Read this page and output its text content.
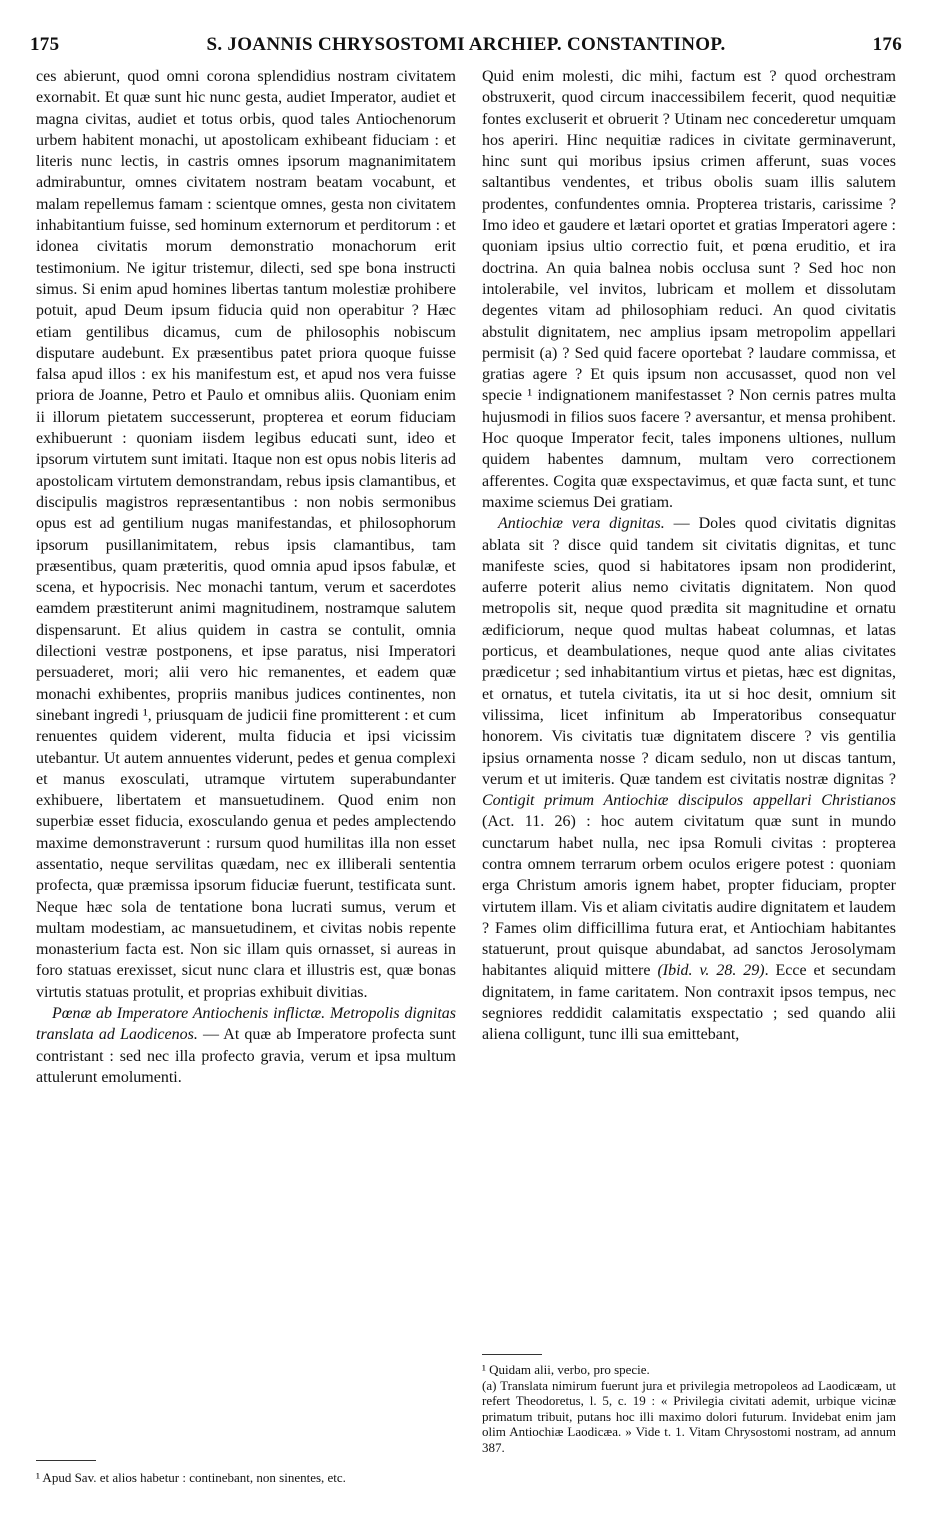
175	S. JOANNIS CHRYSOSTOMI ARCHIEP. CONSTANTINOP.	176

ces abierunt, quod omni corona splendidius nostram civitatem exornabit. Et quæ sunt hic nunc gesta, audiet Imperator, audiet et magna civitas, audiet et totus orbis, quod tales Antiochenorum urbem habitent monachi, ut apostolicam exhibeant fiduciam : et literis nunc lectis, in castris omnes ipsorum magnanimitatem admirabuntur, omnes civitatem nostram beatam vocabunt, et malam repellemus famam : scientque omnes, gesta non civitatem inhabitantium fuisse, sed hominum externorum et perditorum : et idonea civitatis morum demonstratio monachorum erit testimonium. Ne igitur tristemur, dilecti, sed spe bona instructi simus. Si enim apud homines libertas tantum molestiæ prohibere potuit, apud Deum ipsum fiducia quid non operabitur ? Hæc etiam gentilibus dicamus, cum de philosophis nobiscum disputare audebunt. Ex præsentibus patet priora quoque fuisse falsa apud illos : ex his manifestum est, et apud nos vera fuisse priora de Joanne, Petro et Paulo et omnibus aliis. Quoniam enim ii illorum pietatem successerunt, propterea et eorum fiduciam exhibuerunt : quoniam iisdem legibus educati sunt, ideo et ipsorum virtutem sunt imitati. Itaque non est opus nobis literis ad apostolicam virtutem demonstrandam, rebus ipsis clamantibus, et discipulis magistros repræsentantibus : non nobis sermonibus opus est ad gentilium nugas manifestandas, et philosophorum ipsorum pusillanimitatem, rebus ipsis clamantibus, tam præsentibus, quam præteritis, quod omnia apud ipsos fabulæ, et scena, et hypocrisis. Nec monachi tantum, verum et sacerdotes eamdem præstiterunt animi magnitudinem, nostramque salutem dispensarunt. Et alius quidem in castra se contulit, omnia dilectioni vestræ postponens, et ipse paratus, nisi Imperatori persuaderet, mori; alii vero hic remanentes, et eadem quæ monachi exhibentes, propriis manibus judices continentes, non sinebant ingredi ¹, priusquam de judicii fine promitterent : et cum renuentes quidem viderent, multa fiducia et ipsi vicissim utebantur. Ut autem annuentes viderunt, pedes et genua complexi et manus exosculati, utramque virtutem superabundanter exhibuere, libertatem et mansuetudinem. Quod enim non superbiæ esset fiducia, exosculando genua et pedes amplectendo maxime demonstraverunt : rursum quod humilitas illa non esset assentatio, neque servilitas quædam, nec ex illiberali sententia profecta, quæ præmissa ipsorum fiduciæ fuerunt, testificata sunt. Neque hæc sola de tentatione bona lucrati sumus, verum et multam modestiam, ac mansuetudinem, et civitas nobis repente monasterium facta est. Non sic illam quis ornasset, si aureas in foro statuas erexisset, sicut nunc clara et illustris est, quæ bonas virtutis statuas protulit, et proprias exhibuit divitias.

Pœnæ ab Imperatore Antiochenis inflictæ. Metropolis dignitas translata ad Laodicenos. — At quæ ab Imperatore profecta sunt contristant : sed nec illa profecto gravia, verum et ipsa multum attulerunt emolumenti.

Quid enim molesti, dic mihi, factum est ? quod orchestram obstruxerit, quod circum inaccessibilem fecerit, quod nequitiæ fontes excluserit et obruerit ? Utinam nec concederetur umquam hos aperiri. Hinc nequitiæ radices in civitate germinaverunt, hinc sunt qui moribus ipsius crimen afferunt, suas voces saltantibus vendentes, et tribus obolis suam illis salutem prodentes, confundentes omnia. Propterea tristaris, carissime ? Imo ideo et gaudere et lætari oportet et gratias Imperatori agere : quoniam ipsius ultio correctio fuit, et pœna eruditio, et ira doctrina. An quia balnea nobis occlusa sunt ? Sed hoc non intolerabile, vel invitos, lubricam et mollem et dissolutam degentes vitam ad philosophiam reduci. An quod civitatis abstulit dignitatem, nec amplius ipsam metropolim appellari permisit (a) ? Sed quid facere oportebat ? laudare commissa, et gratias agere ? Et quis ipsum non accusasset, quod non vel specie ¹ indignationem manifestasset ? Non cernis patres multa hujusmodi in filios suos facere ? aversantur, et mensa prohibent. Hoc quoque Imperator fecit, tales imponens ultiones, nullum quidem habentes damnum, multam vero correctionem afferentes. Cogita quæ exspectavimus, et quæ facta sunt, et tunc maxime sciemus Dei gratiam.

Antiochiæ vera dignitas. — Doles quod civitatis dignitas ablata sit ? disce quid tandem sit civitatis dignitas, et tunc manifeste scies, quod si habitatores ipsam non prodiderint, auferre poterit alius nemo civitatis dignitatem. Non quod metropolis sit, neque quod prædita sit magnitudine et ornatu ædificiorum, neque quod multas habeat columnas, et latas porticus, et deambulationes, neque quod ante alias civitates prædicetur ; sed inhabitantium virtus et pietas, hæc est dignitas, et ornatus, et tutela civitatis, ita ut si hoc desit, omnium sit vilissima, licet infinitum ab Imperatoribus consequatur honorem. Vis civitatis tuæ dignitatem discere ? vis gentilia ipsius ornamenta nosse ? dicam sedulo, non ut discas tantum, verum et ut imiteris. Quæ tandem est civitatis nostræ dignitas ? Contigit primum Antiochiæ discipulos appellari Christianos (Act. 11. 26) : hoc autem civitatum quæ sunt in mundo cunctarum habet nulla, nec ipsa Romuli civitas : propterea contra omnem terrarum orbem oculos erigere potest : quoniam erga Christum amoris ignem habet, propter fiduciam, propter virtutem illam. Vis et aliam civitatis audire dignitatem et laudem ? Fames olim difficillima futura erat, et Antiochiam habitantes statuerunt, prout quisque abundabat, ad sanctos Jerosolymam habitantes aliquid mittere (Ibid. v. 28. 29). Ecce et secundam dignitatem, in fame caritatem. Non contraxit ipsos tempus, nec segniores reddidit calamitatis exspectatio ; sed quando alii aliena colligunt, tunc illi sua emittebant,

¹ Apud Sav. et alios habetur : continebant, non sinentes, etc.

¹ Quidam alii, verbo, pro specie.

(a) Translata nimirum fuerunt jura et privilegia metropoleos ad Laodicæam, ut refert Theodoretus, l. 5, c. 19 : « Privilegia civitati ademit, urbique vicinæ primatum tribuit, putans hoc illi maximo dolori futurum. Invidebat enim jam olim Antiochiæ Laodicæa. » Vide t. 1. Vitam Chrysostomi nostram, ad annum 387.
